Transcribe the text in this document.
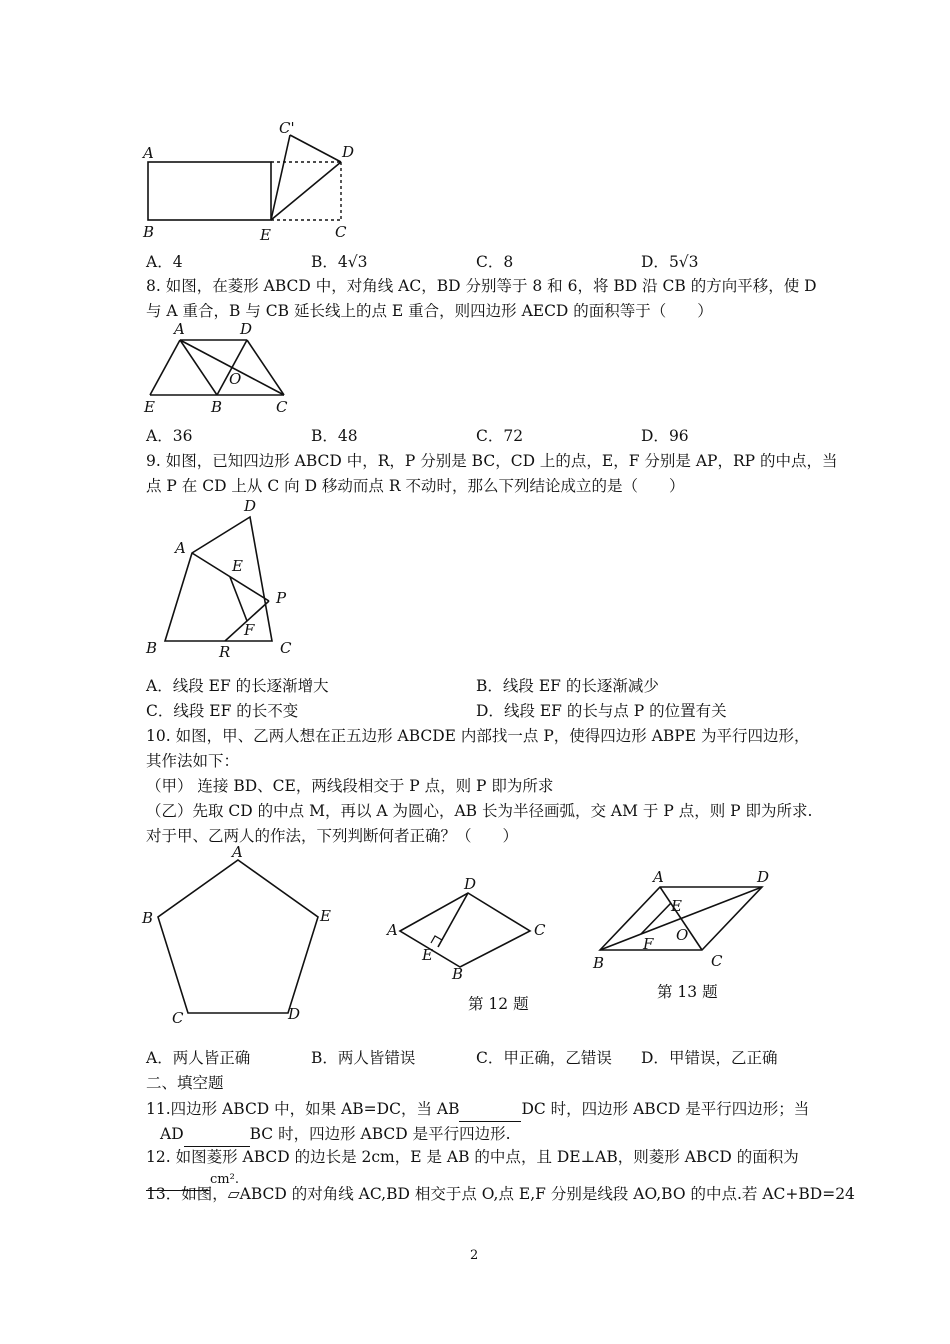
A
B	E	C
C'
D
A．4	B．4√3	C．8	D．5√3
8. 如图，在菱形 ABCD 中，对角线 AC，BD 分别等于 8 和 6，将 BD 沿 CB 的方向平移，使 D
与 A 重合，B 与 CB 延长线上的点 E 重合，则四边形 AECD 的面积等于（　　）
A	D
O
E	B	C
A．36	B．48	C．72	D．96
9. 如图，已知四边形 ABCD 中，R，P 分别是 BC，CD 上的点，E，F 分别是 AP，RP 的中点，当
点 P 在 CD 上从 C 向 D 移动而点 R 不动时，那么下列结论成立的是（　　）
D
A
E
P
F
B	R	C
A．线段 EF 的长逐渐增大	B．线段 EF 的长逐渐减少
C．线段 EF 的长不变	D．线段 EF 的长与点 P 的位置有关
10. 如图，甲、乙两人想在正五边形 ABCDE 内部找一点 P，使得四边形 ABPE 为平行四边形，
其作法如下：
（甲） 连接 BD、CE，两线段相交于 P 点，则 P 即为所求
（乙）先取 CD 的中点 M，再以 A 为圆心，AB 长为半径画弧，交 AM 于 P 点，则 P 即为所求.
对于甲、乙两人的作法，下列判断何者正确？（　　）
A
B	E
C	D
A
D
C
E
B
第 12 题
A	D
E
O
F
B	C
第 13 题
A．两人皆正确	B．两人皆错误	C．甲正确，乙错误 D．甲错误，乙正确
二、填空题
11.四边形 ABCD 中，如果 AB=DC，当 AB	DC 时，四边形 ABCD 是平行四边形；当
AD	BC 时，四边形 ABCD 是平行四边形.
12. 如图菱形 ABCD 的边长是 2cm，E 是 AB 的中点，且 DE⊥AB，则菱形 ABCD 的面积为
cm².
13．如图，▱ABCD 的对角线 AC,BD 相交于点 O,点 E,F 分别是线段 AO,BO 的中点.若 AC+BD=24
2
